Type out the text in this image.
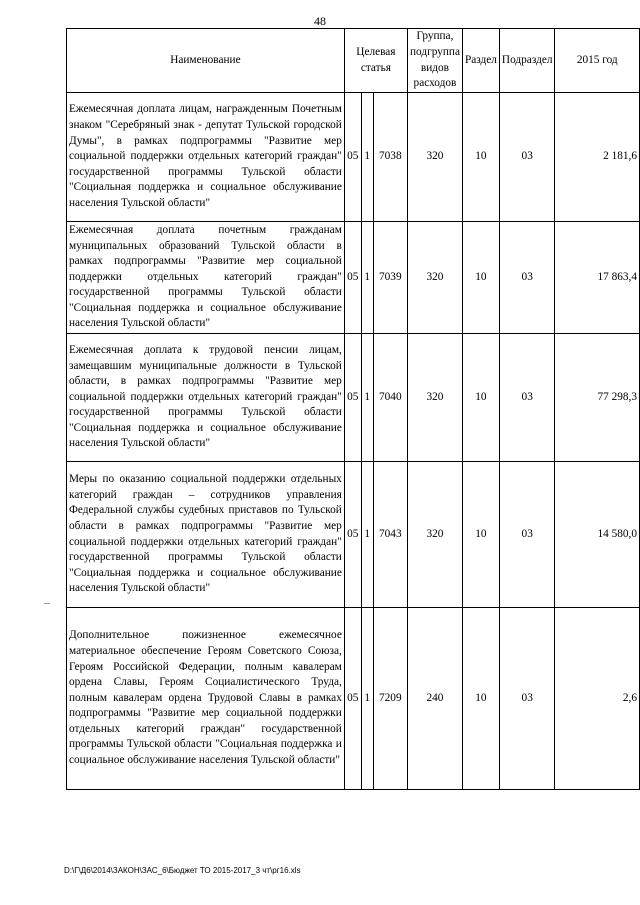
48
Наименование	Целевая статья			Группа, подгруппа видов расходов	Раздел	Подраздел	2015 год
Ежемесячная доплата лицам, награжденным Почетным знаком "Серебряный знак - депутат Тульской городской Думы", в рамках подпрограммы "Развитие мер социальной поддержки отдельных категорий граждан" государственной программы Тульской области "Социальная поддержка и социальное обслуживание населения Тульской области"	05	1	7038	320	10	03	2 181,6
Ежемесячная доплата почетным гражданам муниципальных образований Тульской области в рамках подпрограммы "Развитие мер социальной поддержки отдельных категорий граждан" государственной программы Тульской области "Социальная поддержка и социальное обслуживание населения Тульской области"	05	1	7039	320	10	03	17 863,4
Ежемесячная доплата к трудовой пенсии лицам, замещавшим муниципальные должности в Тульской области, в рамках подпрограммы "Развитие мер социальной поддержки отдельных категорий граждан" государственной программы Тульской области "Социальная поддержка и социальное обслуживание населения Тульской области"	05	1	7040	320	10	03	77 298,3
Меры по оказанию социальной поддержки отдельных категорий граждан – сотрудников управления Федеральной службы судебных приставов по Тульской области в рамках подпрограммы "Развитие мер социальной поддержки отдельных категорий граждан" государственной программы Тульской области "Социальная поддержка и социальное обслуживание населения Тульской области"	05	1	7043	320	10	03	14 580,0
Дополнительное пожизненное ежемесячное материальное обеспечение Героям Советского Союза, Героям Российской Федерации, полным кавалерам ордена Славы, Героям Социалистического Труда, полным кавалерам ордена Трудовой Славы в рамках подпрограммы "Развитие мер социальной поддержки отдельных категорий граждан" государственной программы Тульской области "Социальная поддержка и социальное обслуживание населения Тульской области"	05	1	7209	240	10	03	2,6
D:\Г\Д6\2014\ЗАКОН\ЗАС_6\Бюджет ТО 2015-2017_3 чт\рг16.xls
